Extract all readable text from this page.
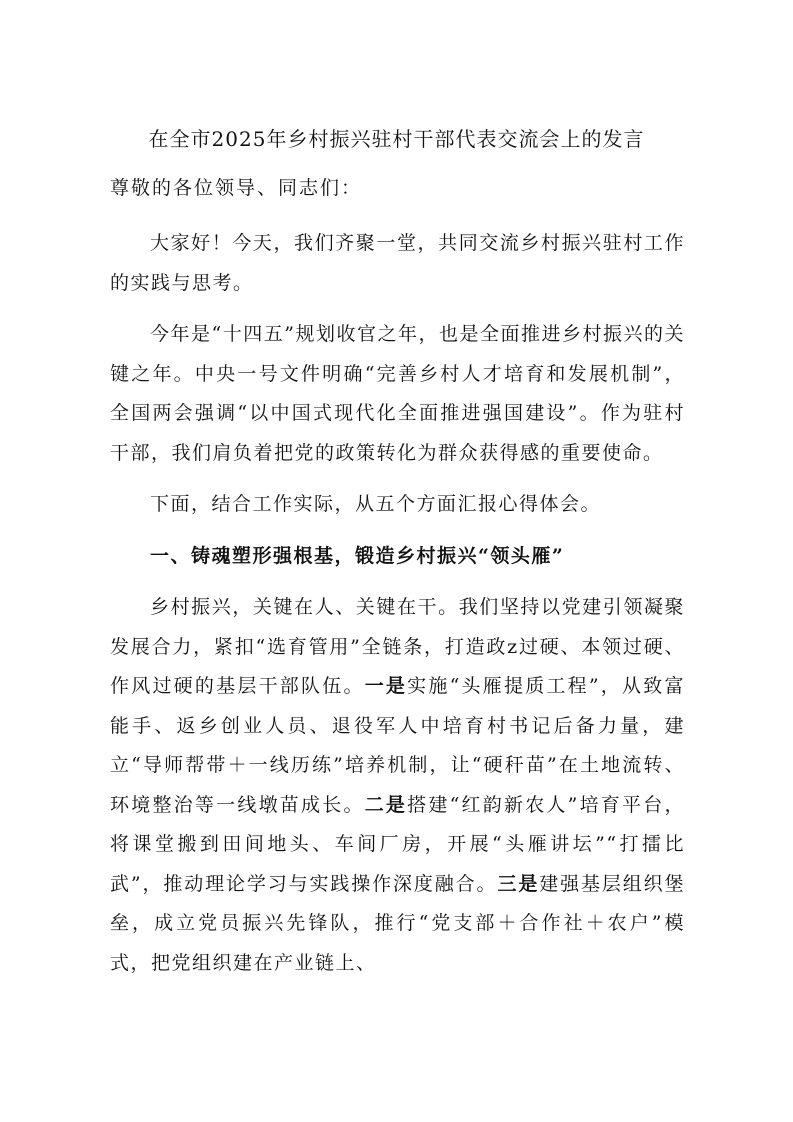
在全市2025年乡村振兴驻村干部代表交流会上的发言
尊敬的各位领导、同志们：

大家好！今天，我们齐聚一堂，共同交流乡村振兴驻村工作的实践与思考。

今年是“十四五”规划收官之年，也是全面推进乡村振兴的关键之年。中央一号文件明确“完善乡村人才培育和发展机制”，全国两会强调“以中国式现代化全面推进强国建设”。作为驻村干部，我们肩负着把党的政策转化为群众获得感的重要使命。

下面，结合工作实际，从五个方面汇报心得体会。

一、铸魂塑形强根基，锻造乡村振兴“领头雁”

乡村振兴，关键在人、关键在干。我们坚持以党建引领凝聚发展合力，紧扣“选育管用”全链条，打造政z过硬、本领过硬、作风过硬的基层干部队伍。一是实施“头雁提质工程”，从致富能手、返乡创业人员、退役军人中培育村书记后备力量，建立“导师帮带＋一线历练”培养机制，让“硬秆苗”在土地流转、环境整治等一线墩苗成长。二是搭建“红韵新农人”培育平台，将课堂搬到田间地头、车间厂房，开展“头雁讲坛”“打擂比武”，推动理论学习与实践操作深度融合。三是建强基层组织堡垒，成立党员振兴先锋队，推行“党支部＋合作社＋农户”模式，把党组织建在产业链上、
